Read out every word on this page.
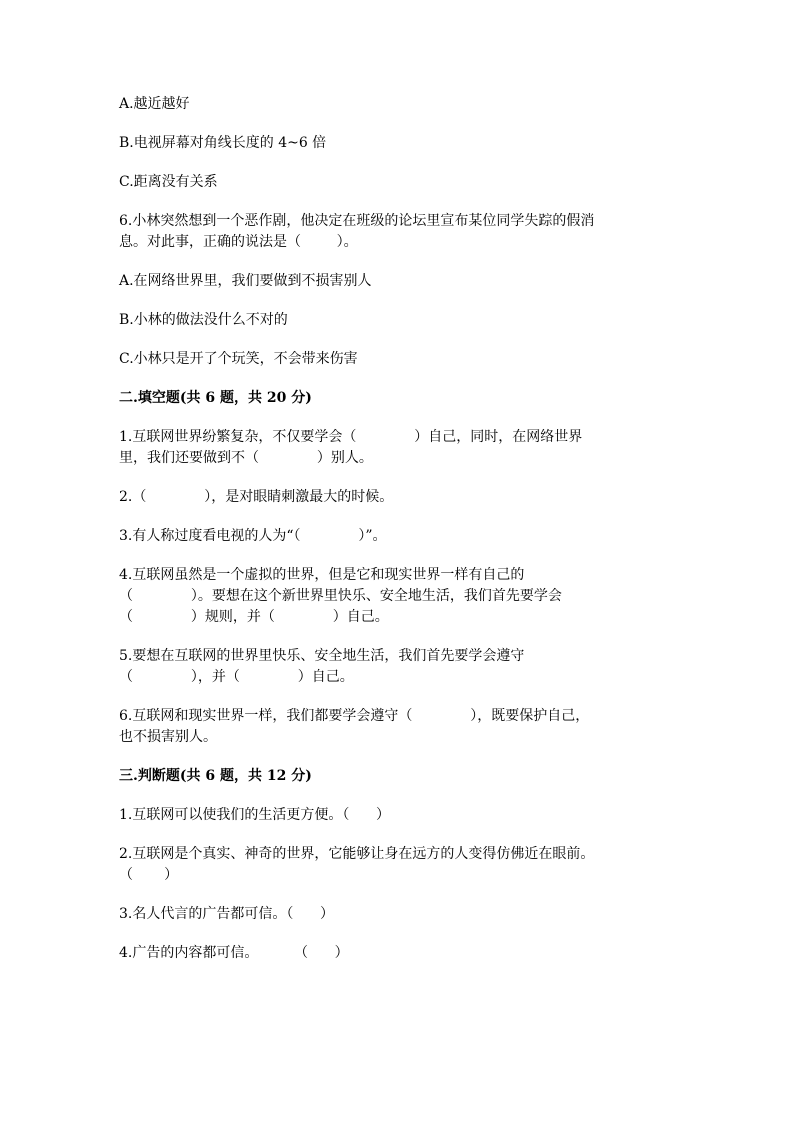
A.越近越好

B.电视屏幕对角线长度的 4~6 倍

C.距离没有关系

6.小林突然想到一个恶作剧，他决定在班级的论坛里宣布某位同学失踪的假消

息。对此事，正确的说法是（        ）。

A.在网络世界里，我们要做到不损害别人

B.小林的做法没什么不对的

C.小林只是开了个玩笑，不会带来伤害

二.填空题(共 6 题，共 20 分)

1.互联网世界纷繁复杂，不仅要学会（             ）自己，同时，在网络世界

里，我们还要做到不（             ）别人。

2.（             ），是对眼睛刺激最大的时候。

3.有人称过度看电视的人为“（             ）”。

4.互联网虽然是一个虚拟的世界，但是它和现实世界一样有自己的

（             ）。要想在这个新世界里快乐、安全地生活，我们首先要学会

（             ）规则，并（             ）自己。

5.要想在互联网的世界里快乐、安全地生活，我们首先要学会遵守

（             ），并（             ）自己。

6.互联网和现实世界一样，我们都要学会遵守（             ），既要保护自己，

也不损害别人。

三.判断题(共 6 题，共 12 分)

1.互联网可以使我们的生活更方便。（      ）

2.互联网是个真实、神奇的世界，它能够让身在远方的人变得仿佛近在眼前。

（       ）

3.名人代言的广告都可信。（      ）

4.广告的内容都可信。        （      ）
